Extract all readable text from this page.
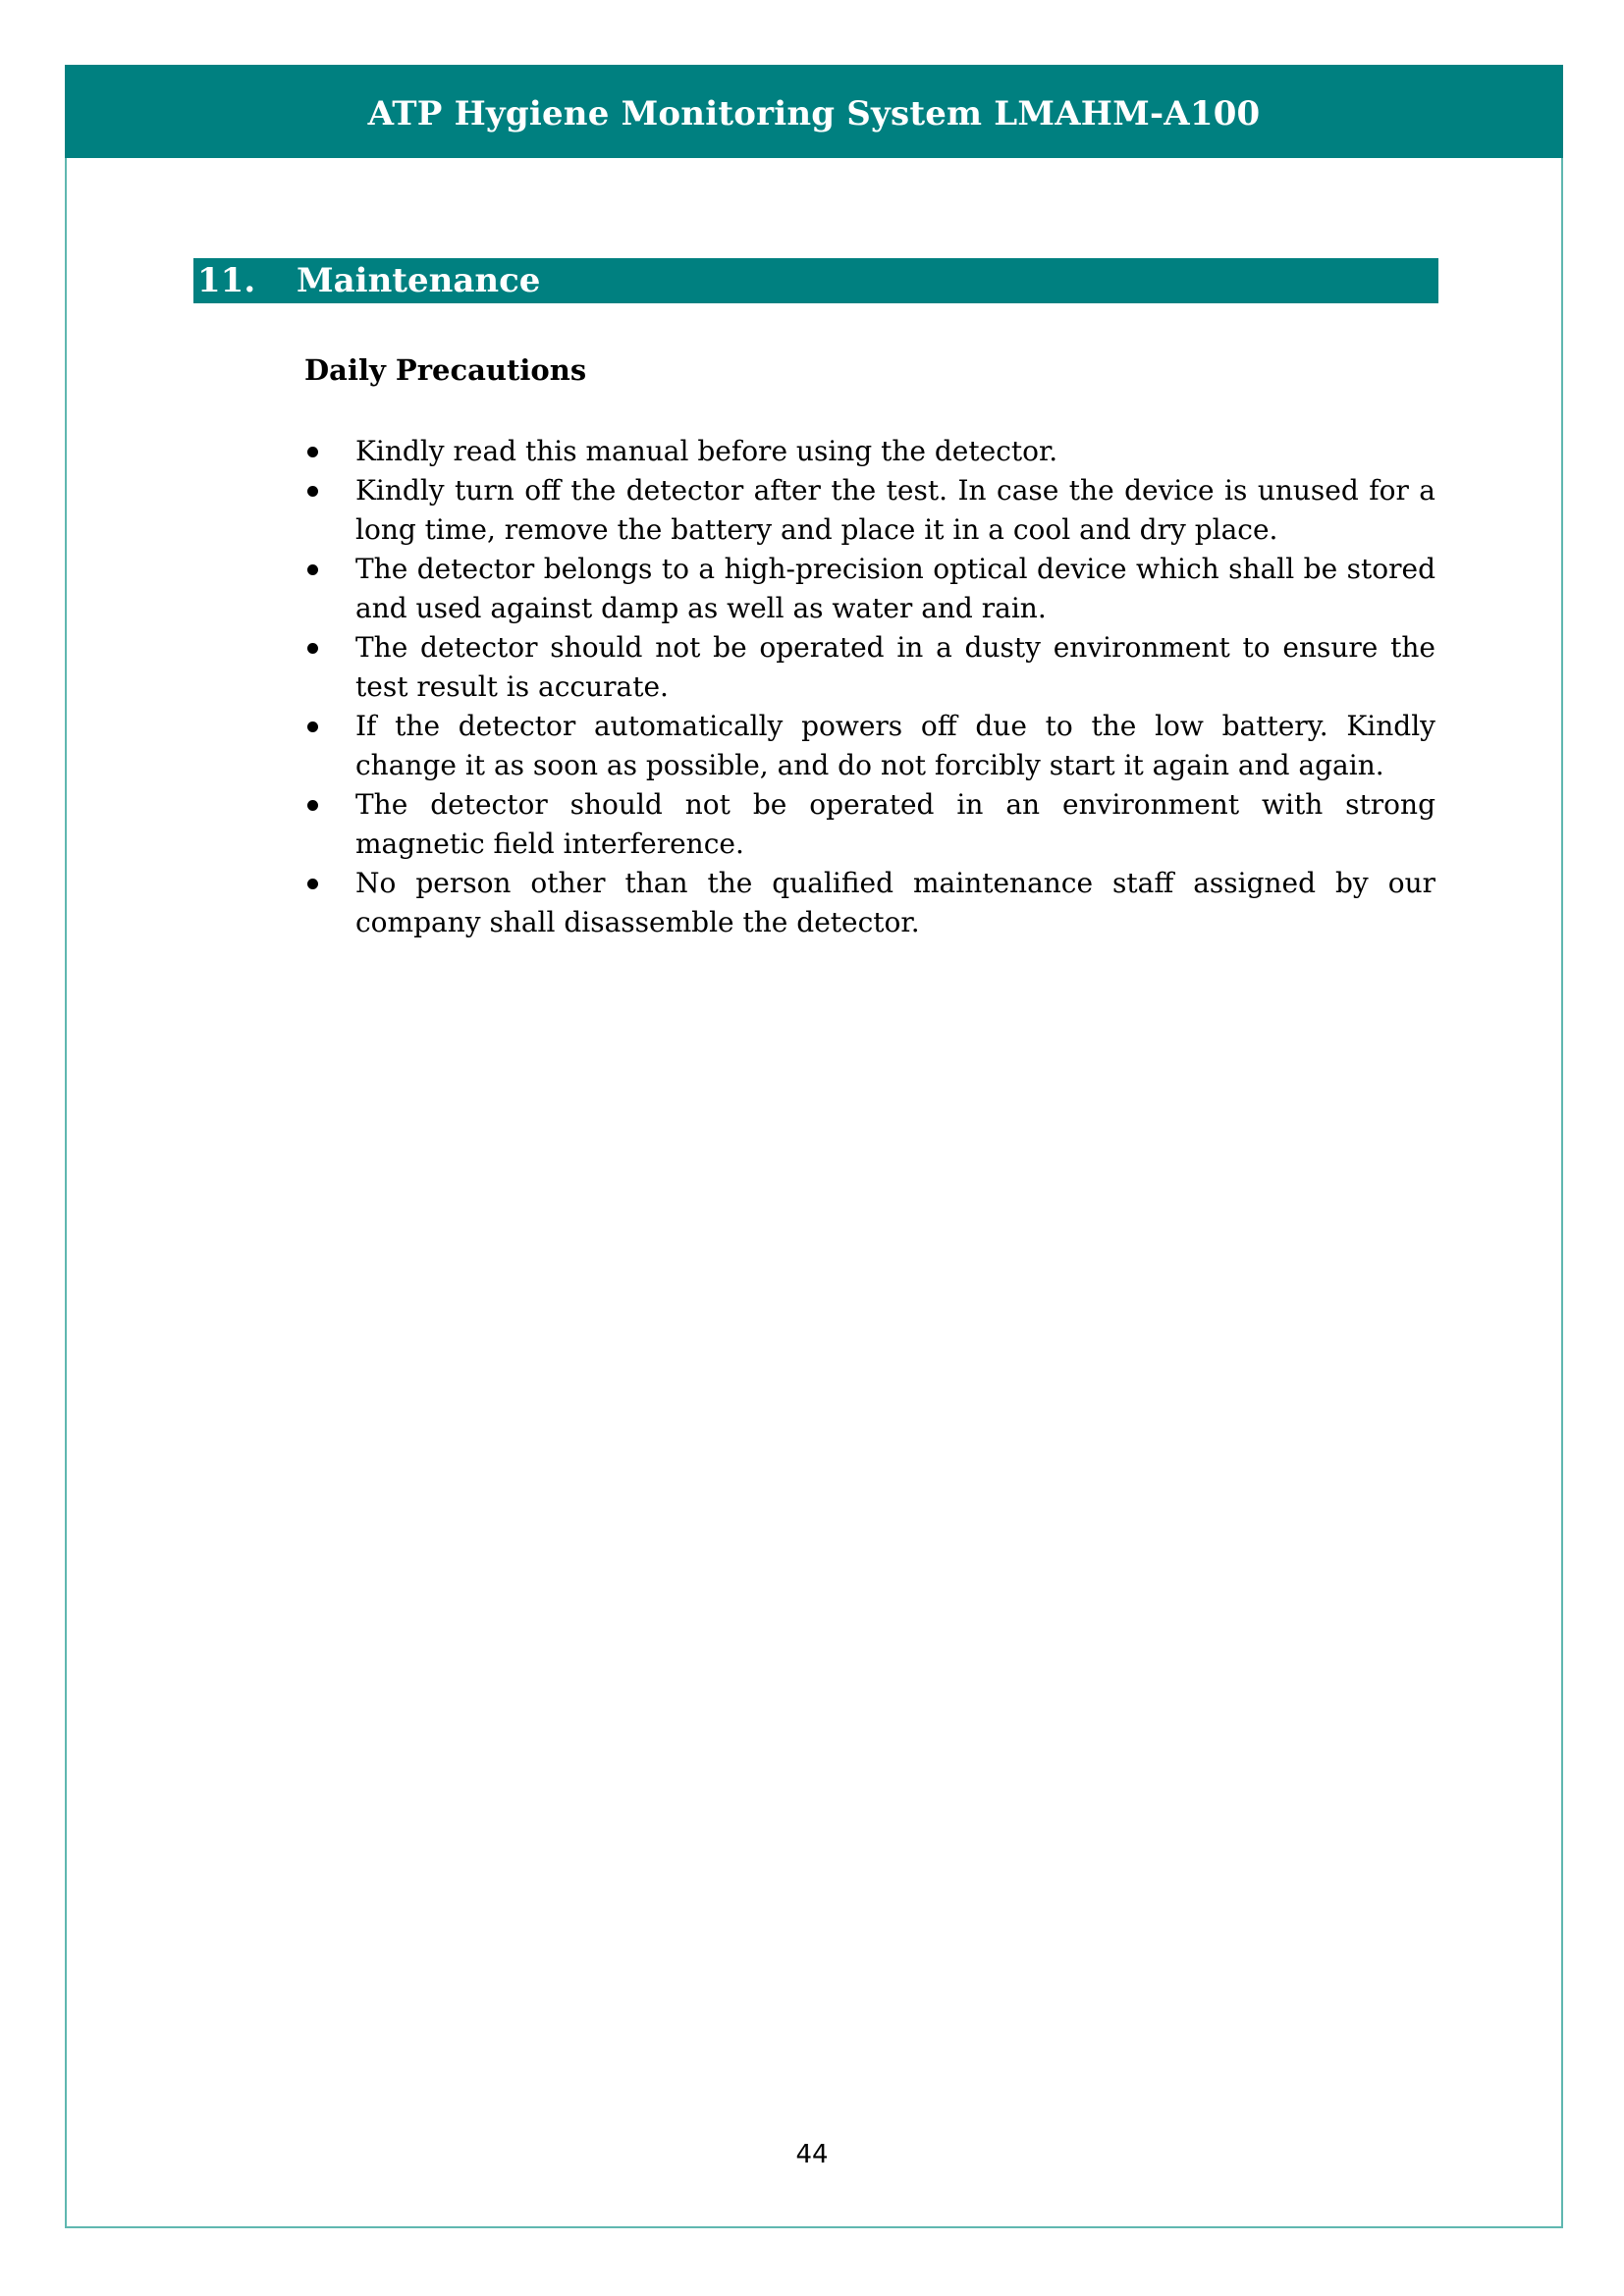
ATP Hygiene Monitoring System LMAHM-A100
11. Maintenance
Daily Precautions
Kindly read this manual before using the detector.
Kindly turn off the detector after the test. In case the device is unused for a long time, remove the battery and place it in a cool and dry place.
The detector belongs to a high-precision optical device which shall be stored and used against damp as well as water and rain.
The detector should not be operated in a dusty environment to ensure the test result is accurate.
If the detector automatically powers off due to the low battery. Kindly change it as soon as possible, and do not forcibly start it again and again.
The detector should not be operated in an environment with strong magnetic field interference.
No person other than the qualified maintenance staff assigned by our company shall disassemble the detector.
44
